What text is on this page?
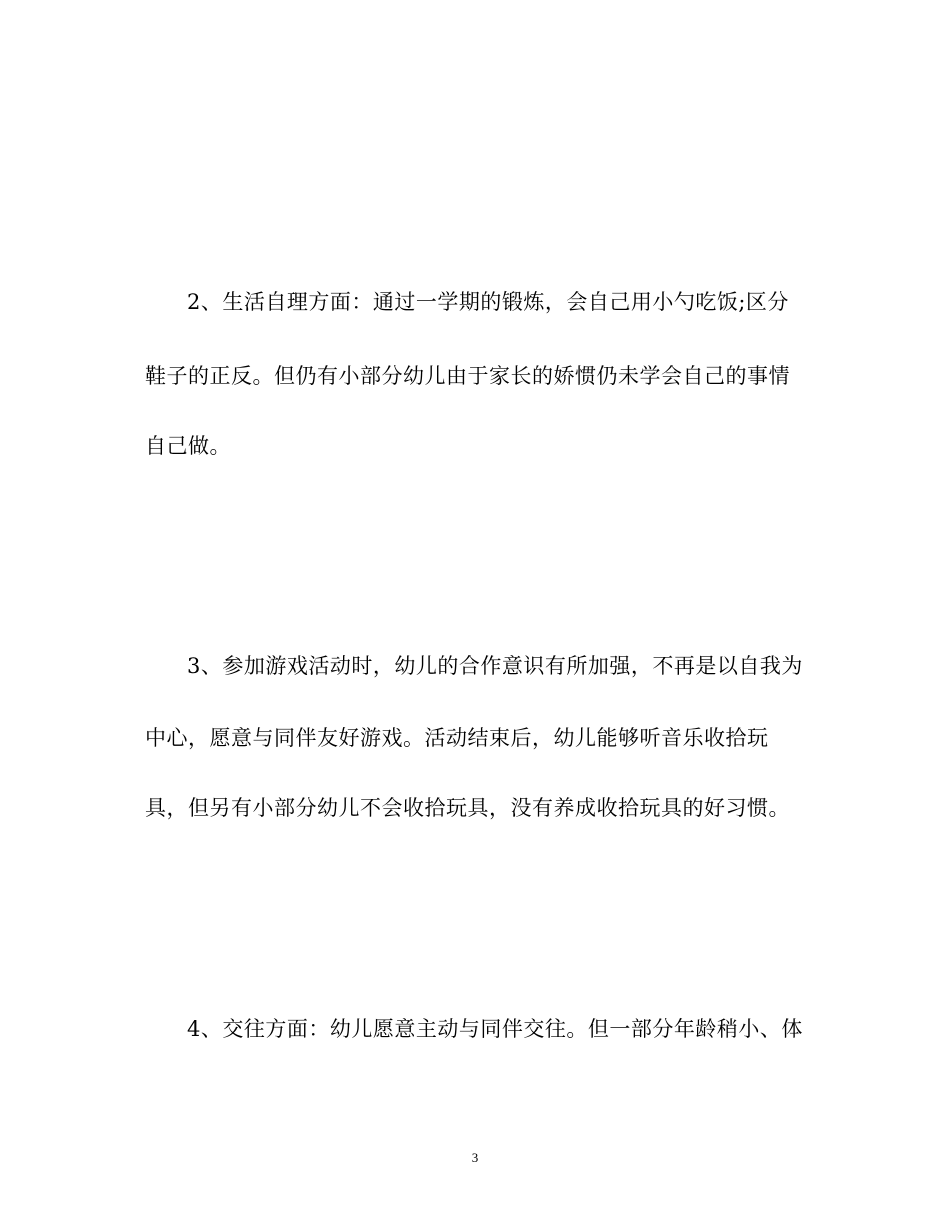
2、生活自理方面：通过一学期的锻炼，会自己用小勺吃饭;区分
鞋子的正反。但仍有小部分幼儿由于家长的娇惯仍未学会自己的事情
自己做。
3、参加游戏活动时，幼儿的合作意识有所加强，不再是以自我为
中心，愿意与同伴友好游戏。活动结束后，幼儿能够听音乐收拾玩
具，但另有小部分幼儿不会收拾玩具，没有养成收拾玩具的好习惯。
4、交往方面：幼儿愿意主动与同伴交往。但一部分年龄稍小、体
3
